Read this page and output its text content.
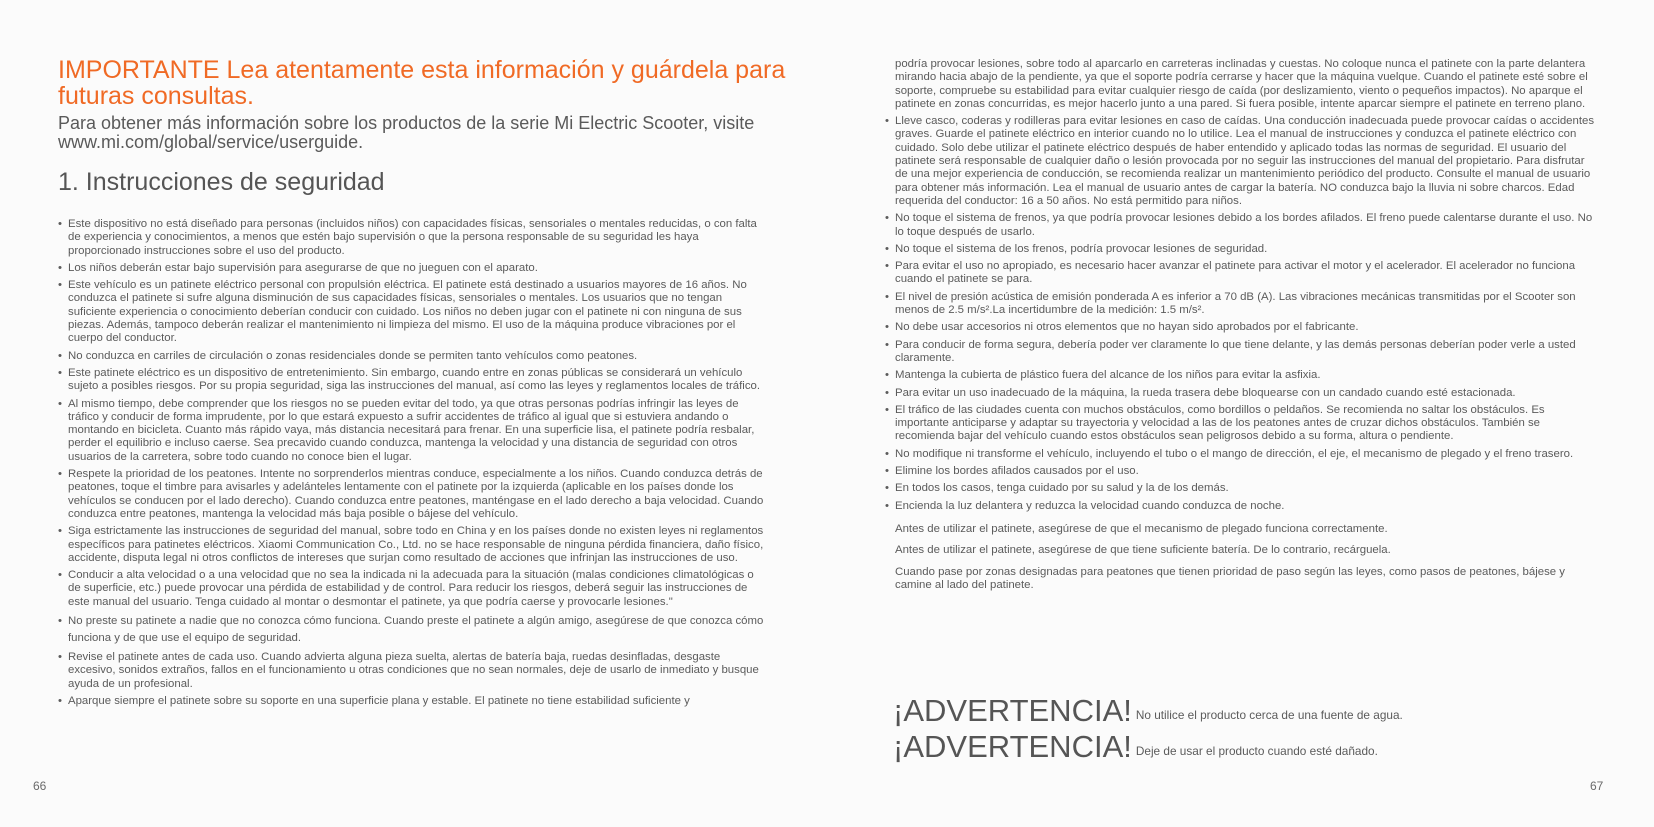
IMPORTANTE Lea atentamente esta información y guárdela para futuras consultas.

Para obtener más información sobre los productos de la serie Mi Electric Scooter, visite www.mi.com/global/service/userguide.

1. Instrucciones de seguridad
• Este dispositivo no está diseñado para personas (incluidos niños) con capacidades físicas, sensoriales o mentales reducidas, o con falta de experiencia y conocimientos, a menos que estén bajo supervisión o que la persona responsable de su seguridad les haya proporcionado instrucciones sobre el uso del producto.
• Los niños deberán estar bajo supervisión para asegurarse de que no jueguen con el aparato.
• Este vehículo es un patinete eléctrico personal con propulsión eléctrica. El patinete está destinado a usuarios mayores de 16 años. No conduzca el patinete si sufre alguna disminución de sus capacidades físicas, sensoriales o mentales. Los usuarios que no tengan suficiente experiencia o conocimiento deberían conducir con cuidado. Los niños no deben jugar con el patinete ni con ninguna de sus piezas. Además, tampoco deberán realizar el mantenimiento ni limpieza del mismo. El uso de la máquina produce vibraciones por el cuerpo del conductor.
• No conduzca en carriles de circulación o zonas residenciales donde se permiten tanto vehículos como peatones.
• Este patinete eléctrico es un dispositivo de entretenimiento. Sin embargo, cuando entre en zonas públicas se considerará un vehículo sujeto a posibles riesgos. Por su propia seguridad, siga las instrucciones del manual, así como las leyes y reglamentos locales de tráfico.
• Al mismo tiempo, debe comprender que los riesgos no se pueden evitar del todo, ya que otras personas podrías infringir las leyes de tráfico y conducir de forma imprudente, por lo que estará expuesto a sufrir accidentes de tráfico al igual que si estuviera andando o montando en bicicleta. Cuanto más rápido vaya, más distancia necesitará para frenar. En una superficie lisa, el patinete podría resbalar, perder el equilibrio e incluso caerse. Sea precavido cuando conduzca, mantenga la velocidad y una distancia de seguridad con otros usuarios de la carretera, sobre todo cuando no conoce bien el lugar.
• Respete la prioridad de los peatones. Intente no sorprenderlos mientras conduce, especialmente a los niños. Cuando conduzca detrás de peatones, toque el timbre para avisarles y adelánteles lentamente con el patinete por la izquierda (aplicable en los países donde los vehículos se conducen por el lado derecho). Cuando conduzca entre peatones, manténgase en el lado derecho a baja velocidad. Cuando conduzca entre peatones, mantenga la velocidad más baja posible o bájese del vehículo.
• Siga estrictamente las instrucciones de seguridad del manual, sobre todo en China y en los países donde no existen leyes ni reglamentos específicos para patinetes eléctricos. Xiaomi Communication Co., Ltd. no se hace responsable de ninguna pérdida financiera, daño físico, accidente, disputa legal ni otros conflictos de intereses que surjan como resultado de acciones que infrinjan las instrucciones de uso.
• Conducir a alta velocidad o a una velocidad que no sea la indicada ni la adecuada para la situación (malas condiciones climatológicas o de superficie, etc.) puede provocar una pérdida de estabilidad y de control. Para reducir los riesgos, deberá seguir las instrucciones de este manual del usuario. Tenga cuidado al montar o desmontar el patinete, ya que podría caerse y provocarle lesiones."
• No preste su patinete a nadie que no conozca cómo funciona. Cuando preste el patinete a algún amigo, asegúrese de que conozca cómo funciona y de que use el equipo de seguridad.
• Revise el patinete antes de cada uso. Cuando advierta alguna pieza suelta, alertas de batería baja, ruedas desinfladas, desgaste excesivo, sonidos extraños, fallos en el funcionamiento u otras condiciones que no sean normales, deje de usarlo de inmediato y busque ayuda de un profesional.
• Aparque siempre el patinete sobre su soporte en una superficie plana y estable. El patinete no tiene estabilidad suficiente y
66
podría provocar lesiones, sobre todo al aparcarlo en carreteras inclinadas y cuestas. No coloque nunca el patinete con la parte delantera mirando hacia abajo de la pendiente, ya que el soporte podría cerrarse y hacer que la máquina vuelque. Cuando el patinete esté sobre el soporte, compruebe su estabilidad para evitar cualquier riesgo de caída (por deslizamiento, viento o pequeños impactos). No aparque el patinete en zonas concurridas, es mejor hacerlo junto a una pared. Si fuera posible, intente aparcar siempre el patinete en terreno plano.
• Lleve casco, coderas y rodilleras para evitar lesiones en caso de caídas. Una conducción inadecuada puede provocar caídas o accidentes graves. Guarde el patinete eléctrico en interior cuando no lo utilice. Lea el manual de instrucciones y conduzca el patinete eléctrico con cuidado. Solo debe utilizar el patinete eléctrico después de haber entendido y aplicado todas las normas de seguridad. El usuario del patinete será responsable de cualquier daño o lesión provocada por no seguir las instrucciones del manual del propietario. Para disfrutar de una mejor experiencia de conducción, se recomienda realizar un mantenimiento periódico del producto. Consulte el manual de usuario para obtener más información. Lea el manual de usuario antes de cargar la batería. NO conduzca bajo la lluvia ni sobre charcos. Edad requerida del conductor: 16 a 50 años. No está permitido para niños.
• No toque el sistema de frenos, ya que podría provocar lesiones debido a los bordes afilados. El freno puede calentarse durante el uso. No lo toque después de usarlo.
• No toque el sistema de los frenos, podría provocar lesiones de seguridad.
• Para evitar el uso no apropiado, es necesario hacer avanzar el patinete para activar el motor y el acelerador. El acelerador no funciona cuando el patinete se para.
• El nivel de presión acústica de emisión ponderada A es inferior a 70 dB (A). Las vibraciones mecánicas transmitidas por el Scooter son menos de 2.5 m/s².La incertidumbre de la medición: 1.5 m/s².
• No debe usar accesorios ni otros elementos que no hayan sido aprobados por el fabricante.
• Para conducir de forma segura, debería poder ver claramente lo que tiene delante, y las demás personas deberían poder verle a usted claramente.
• Mantenga la cubierta de plástico fuera del alcance de los niños para evitar la asfixia.
• Para evitar un uso inadecuado de la máquina, la rueda trasera debe bloquearse con un candado cuando esté estacionada.
• El tráfico de las ciudades cuenta con muchos obstáculos, como bordillos o peldaños. Se recomienda no saltar los obstáculos. Es importante anticiparse y adaptar su trayectoria y velocidad a las de los peatones antes de cruzar dichos obstáculos. También se recomienda bajar del vehículo cuando estos obstáculos sean peligrosos debido a su forma, altura o pendiente.
• No modifique ni transforme el vehículo, incluyendo el tubo o el mango de dirección, el eje, el mecanismo de plegado y el freno trasero.
• Elimine los bordes afilados causados por el uso.
• En todos los casos, tenga cuidado por su salud y la de los demás.
• Encienda la luz delantera y reduzca la velocidad cuando conduzca de noche.

Antes de utilizar el patinete, asegúrese de que el mecanismo de plegado funciona correctamente.

Antes de utilizar el patinete, asegúrese de que tiene suficiente batería. De lo contrario, recárguela.

Cuando pase por zonas designadas para peatones que tienen prioridad de paso según las leyes, como pasos de peatones, bájese y camine al lado del patinete.

¡ADVERTENCIA! No utilice el producto cerca de una fuente de agua.
¡ADVERTENCIA! Deje de usar el producto cuando esté dañado.
67
